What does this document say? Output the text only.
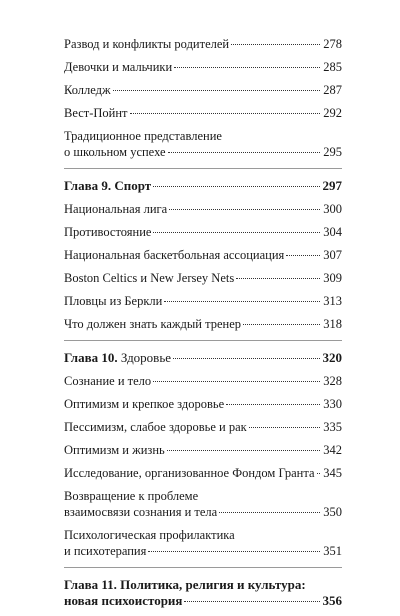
Развод и конфликты родителей	278
Девочки и мальчики	285
Колледж	287
Вест-Пойнт	292
Традиционное представление
о школьном успехе	295
Глава 9. Спорт	297
Национальная лига	300
Противостояние	304
Национальная баскетбольная ассоциация	307
Boston Celtics и New Jersey Nets	309
Пловцы из Беркли	313
Что должен знать каждый тренер	318
Глава 10. Здоровье	320
Сознание и тело	328
Оптимизм и крепкое здоровье	330
Пессимизм, слабое здоровье и рак	335
Оптимизм и жизнь	342
Исследование, организованное Фондом Гранта 345
Возвращение к проблеме
взаимосвязи сознания и тела	350
Психологическая профилактика
и психотерапия	351
Глава 11. Политика, религия и культура:
новая психоистория	356
